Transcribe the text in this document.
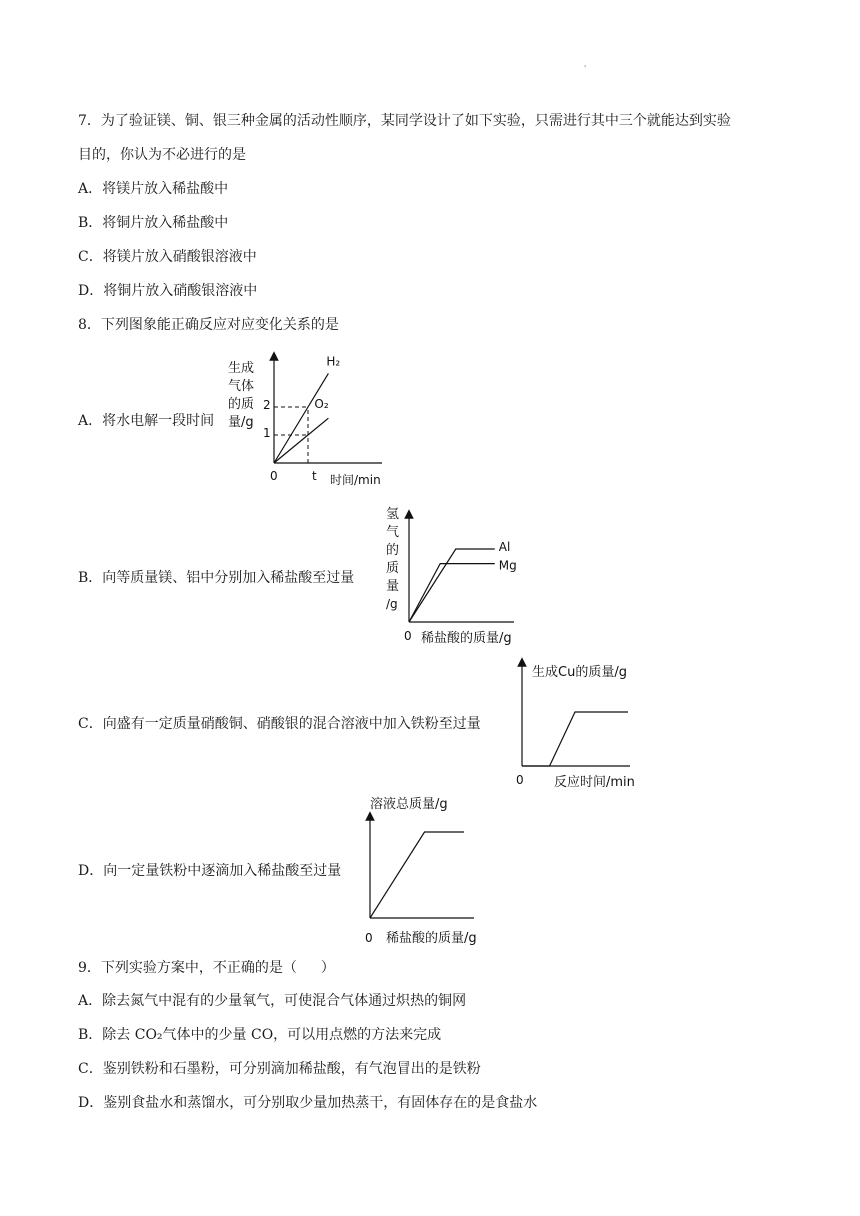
'
7．为了验证镁、铜、银三种金属的活动性顺序，某同学设计了如下实验，只需进行其中三个就能达到实验
目的，你认为不必进行的是
A．将镁片放入稀盐酸中
B．将铜片放入稀盐酸中
C．将镁片放入硝酸银溶液中
D．将铜片放入硝酸银溶液中
8．下列图象能正确反应对应变化关系的是
A．将水电解一段时间
B．向等质量镁、铝中分别加入稀盐酸至过量
C．向盛有一定质量硝酸铜、硝酸银的混合溶液中加入铁粉至过量
D．向一定量铁粉中逐滴加入稀盐酸至过量
生成
气体
的质
量/g
0	时间/min
t
2
1
H₂
O₂
氢
气
的
质
量
/g
0 稀盐酸的质量/g
Al
Mg
生成Cu的质量/g
0 反应时间/min
溶液总质量/g
0 稀盐酸的质量/g
9．下列实验方案中，不正确的是（ ）
A．除去氮气中混有的少量氧气，可使混合气体通过炽热的铜网
B．除去 CO₂气体中的少量 CO，可以用点燃的方法来完成
C．鉴别铁粉和石墨粉，可分别滴加稀盐酸，有气泡冒出的是铁粉
D．鉴别食盐水和蒸馏水，可分别取少量加热蒸干，有固体存在的是食盐水
